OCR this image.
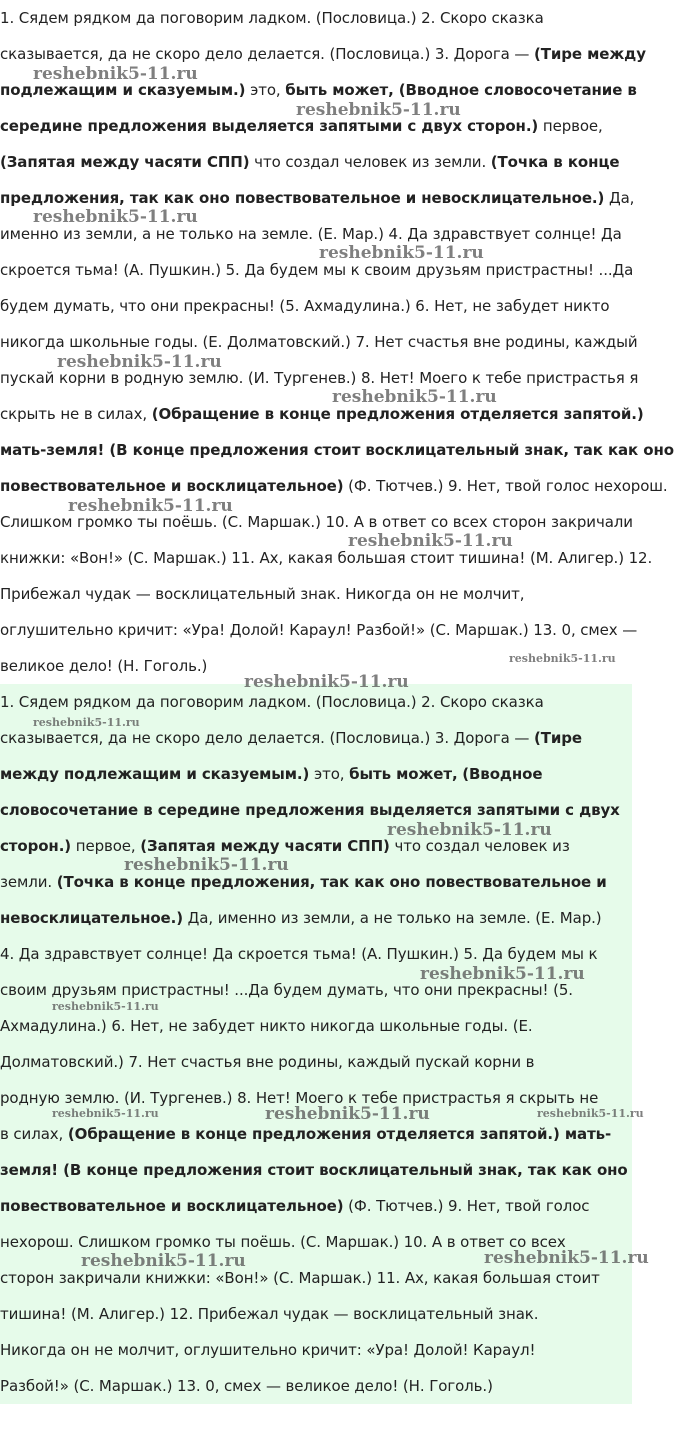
1. Сядем рядком да поговорим ладком. (Пословица.) 2. Скоро сказка
сказывается, да не скоро дело делается. (Пословица.) 3. Дорога — (Тире между
подлежащим и сказуемым.) это, быть может, (Вводное словосочетание в
середине предложения выделяется запятыми с двух сторон.) первое,
(Запятая между часяти СПП) что создал человек из земли. (Точка в конце
предложения, так как оно повествовательное и невосклицательное.) Да,
именно из земли, а не только на земле. (Е. Мар.) 4. Да здравствует солнце! Да
скроется тьма! (А. Пушкин.) 5. Да будем мы к своим друзьям пристрастны! ...Да
будем думать, что они прекрасны! (5. Ахмадулина.) 6. Нет, не забудет никто
никогда школьные годы. (Е. Долматовский.) 7. Нет счастья вне родины, каждый
пускай корни в родную землю. (И. Тургенев.) 8. Нет! Моего к тебе пристрастья я
скрыть не в силах, (Обращение в конце предложения отделяется запятой.)
мать-земля! (В конце предложения стоит восклицательный знак, так как оно
повествовательное и восклицательное) (Ф. Тютчев.) 9. Нет, твой голос нехорош.
Слишком громко ты поёшь. (С. Маршак.) 10. А в ответ со всех сторон закричали
книжки: «Вон!» (С. Маршак.) 11. Ах, какая большая стоит тишина! (М. Алигер.) 12.
Прибежал чудак — восклицательный знак. Никогда он не молчит,
оглушительно кричит: «Ура! Долой! Караул! Разбой!» (С. Маршак.) 13. 0, смех —
великое дело! (Н. Гоголь.)
1. Сядем рядком да поговорим ладком. (Пословица.) 2. Скоро сказка
сказывается, да не скоро дело делается. (Пословица.) 3. Дорога — (Тире
между подлежащим и сказуемым.) это, быть может, (Вводное
словосочетание в середине предложения выделяется запятыми с двух
сторон.) первое, (Запятая между часяти СПП) что создал человек из
земли. (Точка в конце предложения, так как оно повествовательное и
невосклицательное.) Да, именно из земли, а не только на земле. (Е. Мар.)
4. Да здравствует солнце! Да скроется тьма! (А. Пушкин.) 5. Да будем мы к
своим друзьям пристрастны! ...Да будем думать, что они прекрасны! (5.
Ахмадулина.) 6. Нет, не забудет никто никогда школьные годы. (Е.
Долматовский.) 7. Нет счастья вне родины, каждый пускай корни в
родную землю. (И. Тургенев.) 8. Нет! Моего к тебе пристрастья я скрыть не
в силах, (Обращение в конце предложения отделяется запятой.) мать-
земля! (В конце предложения стоит восклицательный знак, так как оно
повествовательное и восклицательное) (Ф. Тютчев.) 9. Нет, твой голос
нехорош. Слишком громко ты поёшь. (С. Маршак.) 10. А в ответ со всех
сторон закричали книжки: «Вон!» (С. Маршак.) 11. Ах, какая большая стоит
тишина! (М. Алигер.) 12. Прибежал чудак — восклицательный знак.
Никогда он не молчит, оглушительно кричит: «Ура! Долой! Караул!
Разбой!» (С. Маршак.) 13. 0, смех — великое дело! (Н. Гоголь.)
reshebnik5-11.ru
reshebnik5-11.ru
reshebnik5-11.ru
reshebnik5-11.ru
reshebnik5-11.ru
reshebnik5-11.ru
reshebnik5-11.ru
reshebnik5-11.ru
reshebnik5-11.ru
reshebnik5-11.ru
reshebnik5-11.ru
reshebnik5-11.ru
reshebnik5-11.ru
reshebnik5-11.ru
reshebnik5-11.ru
reshebnik5-11.ru	reshebnik5-11.ru	reshebnik5-11.ru
reshebnik5-11.ru	reshebnik5-11.ru
